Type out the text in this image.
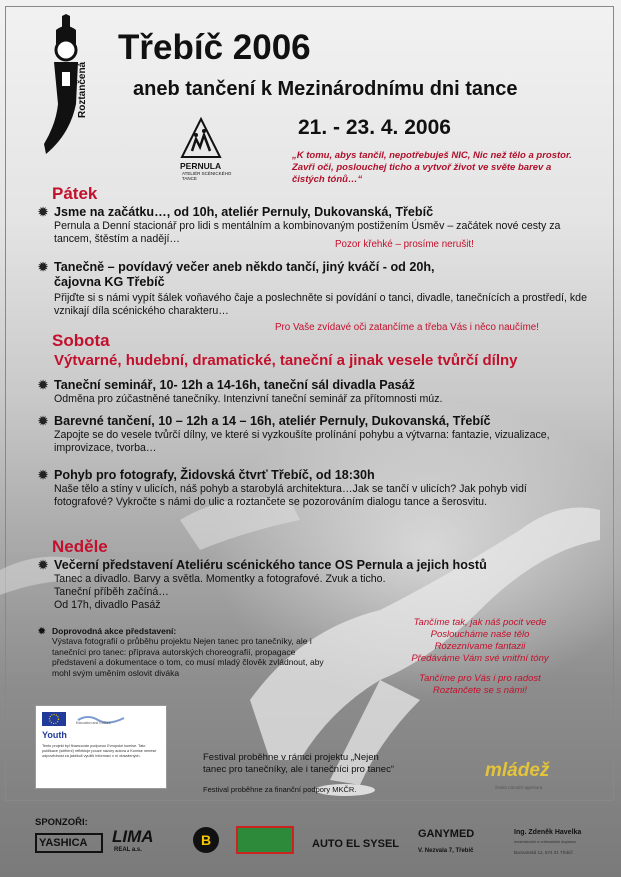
Roztančená
Třebíč 2006
aneb tančení k Mezinárodnímu dni tance
21. - 23. 4. 2006
PERNULA
ATELIÉR SCÉNICKÉHO TANCE
„K tomu, abys tančil, nepotřebuješ NIC, Nic než tělo a prostor. Zavři oči, poslouchej ticho a vytvoř život ve světe barev a čistých tónů…“
Pátek
✹ Jsme na začátku…, od 10h, ateliér Pernuly, Dukovanská, Třebíč
Pernula a Denní stacionář pro lidi s mentálním a kombinovaným postižením Úsměv – začátek nové cesty za tancem, štěstím a nadějí…	Pozor křehké – prosíme nerušit!
✹ Tanečně – povídavý večer aneb někdo tančí, jiný kváčí - od 20h, čajovna KG Třebíč
Přijďte si s námi vypít šálek voňavého čaje a poslechněte si povídání o tanci, divadle, tanečnících a prostředí, kde vznikají díla scénického charakteru…
Pro Vaše zvídavé oči zatančíme a třeba Vás i něco naučíme!
Sobota
Výtvarné, hudební, dramatické, taneční a jinak vesele tvůrčí dílny
✹ Taneční seminář, 10- 12h a 14-16h, taneční sál divadla Pasáž
Odměna pro zúčastněné tanečníky. Intenzivní taneční seminář za přítomnosti múz.
✹ Barevné tančení, 10 – 12h a 14 – 16h, ateliér Pernuly, Dukovanská, Třebíč
Zapojte se do vesele tvůrčí dílny, ve které si vyzkoušíte prolínání pohybu a výtvarna: fantazie, vizualizace, improvizace, tvorba…
✹ Pohyb pro fotografy, Židovská čtvrť Třebíč, od 18:30h
Naše tělo a stíny v ulicích, náš pohyb a starobylá architektura…Jak se tančí v ulicích? Jak pohyb vidí fotografové? Vykročte s námi do ulic a roztančete se pozorováním dialogu tance a šerosvitu.
Neděle
✹ Večerní představení Ateliéru scénického tance OS Pernula a jejich hostů
Tanec a divadlo. Barvy a světla. Momentky a fotografové. Zvuk a ticho.
Taneční příběh začíná…
Od 17h, divadlo Pasáž
✹ Doprovodná akce představení:
Výstava fotografií o průběhu projektu Nejen tanec pro tanečníky, ale i tanečníci pro tanec: příprava autorských choreografií, propagace představení a dokumentace o tom, co musí mladý člověk zvládnout, aby mohl svým uměním oslovit diváka
Tančíme tak, jak náš pocit vede
Posloucháme naše tělo
Rozeznívame fantazii
Předáváme Vám své vnitřní tóny
Tančíme pro Vás i pro radost
Roztančete se s námi!
Education and Culture
Youth
Tento projekt byl financován podporou Evropské komise. Tato publikace (sdělení) reflektuje pouze názory autora a Komise nenese odpovědnost za jakékoli využití informací v ní obsažených.	Festival proběhne v rámci projektu „Nejen tanec pro tanečníky, ale i tanečníci pro tanec“
Festival proběhne za finanční podpory MKČR.
mládež
česká národní agentura
SPONZOŘI:
YASHICA	LIMA
REAL a.s.
B	AUTO EL SYSEL
GANYMED
V. Nezvala 7, Třebíč
Ing. Zdeněk Havelka
mezinárodní a vnitrostátní doprava
Borovinská 12, 674 01 Třebíč
